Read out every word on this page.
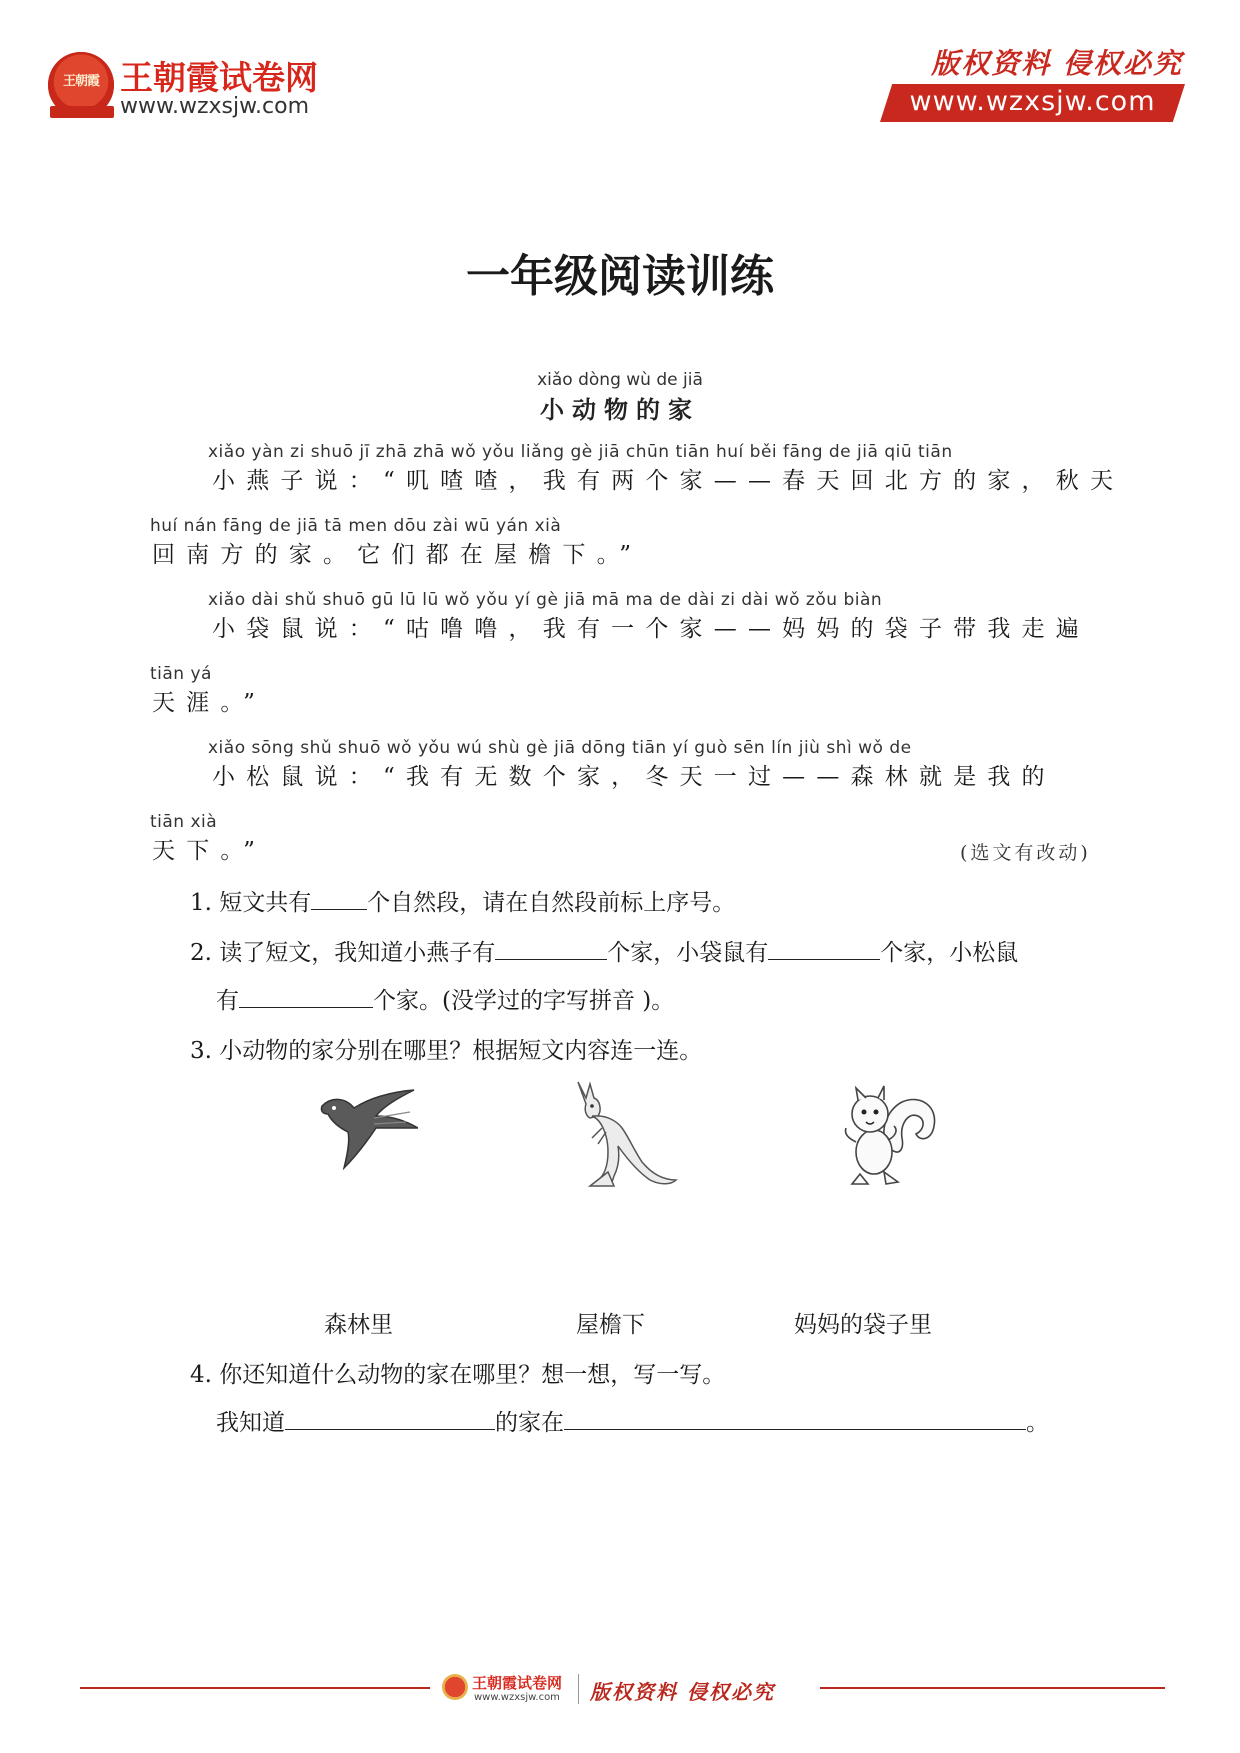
王朝霞 王朝霞试卷网
www.wzxsjw.com
版权资料 侵权必究
www.wzxsjw.com
一年级阅读训练
xiǎo dòng wù de jiā
小动物的家
xiǎo yàn zi shuō jī zhā zhā wǒ yǒu liǎng gè jiā chūn tiān huí běi fāng de jiā qiū tiān
小燕子说：“叽喳喳，我有两个家——春天回北方的家，秋天
huí nán fāng de jiā tā men dōu zài wū yán xià
回南方的家。它们都在屋檐下。”
xiǎo dài shǔ shuō gū lū lū wǒ yǒu yí gè jiā mā ma de dài zi dài wǒ zǒu biàn
小袋鼠说：“咕噜噜，我有一个家——妈妈的袋子带我走遍
tiān yá
天涯。”
xiǎo sōng shǔ shuō wǒ yǒu wú shù gè jiā dōng tiān yí guò sēn lín jiù shì wǒ de
小松鼠说：“我有无数个家，冬天一过——森林就是我的
tiān xià
天下。”	(选文有改动)
1. 短文共有 个自然段，请在自然段前标上序号。
2. 读了短文，我知道小燕子有	个家，小袋鼠有	个家，小松鼠
有	个家。(没学过的字写拼音 )。
3. 小动物的家分别在哪里？根据短文内容连一连。
森林里	屋檐下	妈妈的袋子里
4. 你还知道什么动物的家在哪里？想一想，写一写。
我知道	的家在	。
王朝霞试卷网
www.wzxsjw.com 版权资料 侵权必究
